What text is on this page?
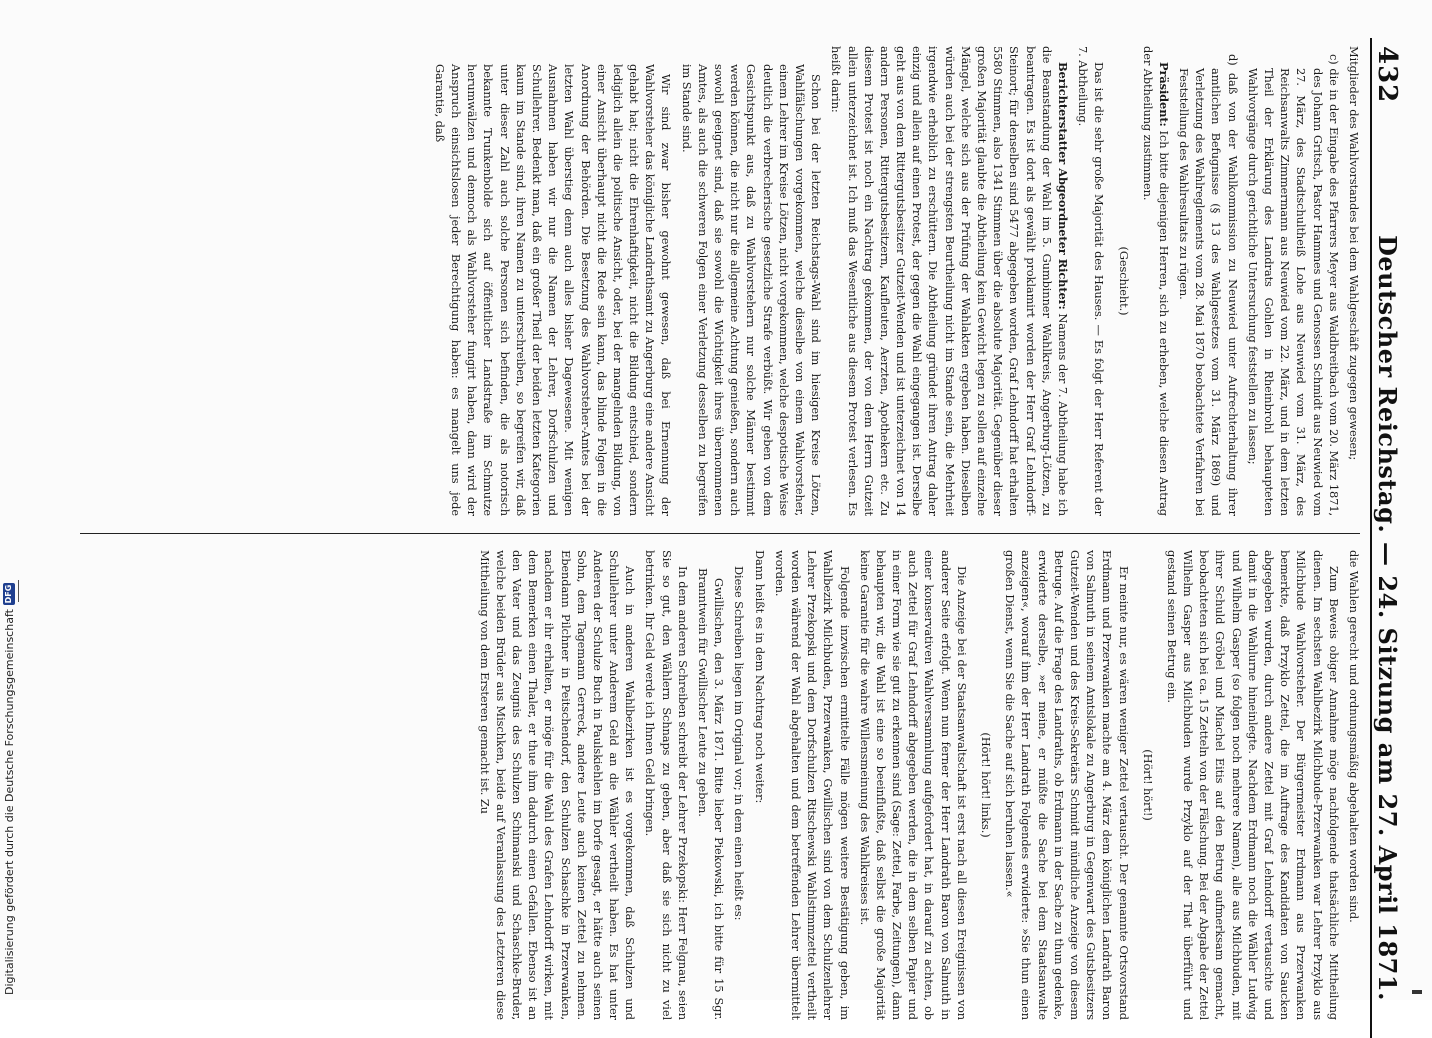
432
Deutscher Reichstag. — 24. Sitzung am 27. April 1871.

Mitglieder des Wahlvorstandes bei dem Wahlgeschäft zugegen gewesen;

c) die in der Eingabe des Pfarrers Meyer aus Waldbreitbach vom 20. März 1871, des Johann Gritsch, Pastor Hammes und Genossen Schmidt aus Neuwied vom 27. März, des Stadtschultheiß Lohe aus Neuwied vom 31. März, des Reichsanwalts Zimmermann aus Neuwied vom 22. März, und in dem letzten Theil der Erklärung des Landrats Gohlen in Rheinbrohl behaupteten Wahlvorgänge durch gerichtliche Untersuchung feststellen zu lassen;

d) daß von der Wahlkommission zu Neuwied unter Aufrechterhaltung ihrer amtlichen Befugnisse (§ 13 des Wahlgesetzes vom 31. März 1869) und Verletzung des Wahlreglements vom 28. Mai 1870 beobachtete Verfahren bei Feststellung des Wahlresultats zu rügen.

Präsident: Ich bitte diejenigen Herren, sich zu erheben, welche diesen Antrag der Abtheilung zustimmen.

(Geschieht.)

Das ist die sehr große Majorität des Hauses. — Es folgt der Herr Referent der 7. Abtheilung.

Berichterstatter Abgeordneter Richter: Namens der 7. Abtheilung habe ich die Beanstandung der Wahl im 5. Gumbinner Wahlkreis, Angerburg-Lötzen, zu beantragen. Es ist dort als gewählt proklamirt worden der Herr Graf Lehndorff-Steinort; für denselben sind 5477 abgegeben worden, Graf Lehndorff hat erhalten 5580 Stimmen, also 1341 Stimmen über die absolute Majorität. Gegenüber dieser großen Majorität glaubte die Abtheilung kein Gewicht legen zu sollen auf einzelne Mängel, welche sich aus der Prüfung der Wahlakten ergeben haben. Dieselben würden auch bei der strengsten Beurtheilung nicht im Stande sein, die Mehrheit irgendwie erheblich zu erschüttern. Die Abtheilung gründet ihren Antrag daher einzig und allein auf einen Protest, der gegen die Wahl eingegangen ist. Derselbe geht aus von dem Rittergutsbesitzer Gutzeit-Wenden und ist unterzeichnet von 14 andern Personen, Rittergutsbesitzern, Kaufleuten, Aerzten, Apothekern etc. Zu diesem Protest ist noch ein Nachtrag gekommen, der von dem Herrn Gutzeit allein unterzeichnet ist. Ich muß das Wesentliche aus diesem Protest verlesen. Es heißt darin:

Schon bei der letzten Reichstags-Wahl sind im hiesigen Kreise Lötzen, Wahlfälschungen vorgekommen, welche dieselbe von einem Wahlvorsteher, einem Lehrer im Kreise Lötzen, nicht vorgekommen, welche despotische Weise deutlich die verbrecherische gesetzliche Strafe verbüßt. Wir geben von dem Gesichtspunkt aus, daß zu Wahlvorstehern nur solche Männer bestimmt werden können, die nicht nur die allgemeine Achtung genießen, sondern auch sowohl geeignet sind, daß sie sowohl die Wichtigkeit ihres übernommenen Amtes, als auch die schweren Folgen einer Verletzung desselben zu begreifen im Stande sind.

Wir sind zwar bisher gewohnt gewesen, daß bei Ernennung der Wahlvorsteher das königliche Landrathsamt zu Angerburg eine andere Ansicht gehabt hat; nicht die Ehrenhaftigkeit, nicht die Bildung entschied, sondern lediglich allein die politische Ansicht, oder, bei der mangelnden Bildung, von einer Ansicht überhaupt nicht die Rede sein kann, das blinde Folgen in die Anordnung der Behörden. Die Besetzung des Wahlvorsteher-Amtes bei der letzten Wahl überstieg denn auch alles bisher Dagewesene. Mit wenigen Ausnahmen haben wir nur die Namen der Lehrer, Dorfschulzen und Schullehrer. Bedenkt man, daß ein großer Theil der beiden letzten Kategorien kaum im Stande sind, ihren Namen zu unterschreiben, so begreifen wir, daß unter dieser Zahl auch solche Personen sich befinden, die als notorisch bekannte Trunkenbolde sich auf öffentlicher Landstraße im Schmutze herumwälzen und dennoch als Wahlvorsteher fungirt haben, dann wird der Anspruch einsichtslosen jeder Berechtigung haben: es mangelt uns jede Garantie, daß

die Wahlen gerecht und ordnungsmäßig abgehalten worden sind.

Zum Beweis obiger Annahme möge nachfolgende thatsächliche Mittheilung dienen. Im sechsten Wahlbezirk Milchbude-Przerwanken war Lehrer Przyklo aus Milchbude Wahlvorsteher. Der Bürgermeister Erdmann aus Przerwanken bemerkte, daß Przyklo Zettel, die im Auftrage des Kandidaten von Saucken abgegeben wurden, durch andere Zettel mit Graf Lehndorff vertauschte und damit in die Wahlurne hineinlegte. Nachdem Erdmann noch die Wähler Ludwig und Wilhelm Gasper (so folgen noch mehrere Namen), alle aus Milchbuden, mit ihrer Schuld Gröbel und Miachel Eitis auf den Betrug aufmerksam gemacht, beobachteten sich bei ca. 15 Zetteln von der Fälschung. Bei der Abgabe der Zettel Wilhelm Gasper aus Milchbuden wurde Przyklo auf der That überführt und gestand seinen Betrug ein.

(Hört! hört!)

Er meinte nur, es wären weniger Zettel vertauscht. Der genannte Ortsvorstand Erdmann und Przerwanken machte am 4. März dem königlichen Landrath Baron von Salmuth in seinem Amtslokale zu Angerburg in Gegenwart des Gutsbesitzers Gutzeit-Wenden und des Kreis-Sekretärs Schmidt mündliche Anzeige von diesem Betruge. Auf die Frage des Landraths, ob Erdmann in der Sache zu thun gedenke, erwiderte derselbe, »er meine, er müßte die Sache bei dem Staatsanwalte anzeigen«, worauf ihm der Herr Landrath Folgendes erwiderte: »Sie thun einen großen Dienst, wenn Sie die Sache auf sich beruhen lassen.«

(Hört! hört! links.)

Die Anzeige bei der Staatsanwaltschaft ist erst nach all diesen Ereignissen von anderer Seite erfolgt. Wenn nun ferner der Herr Landrath Baron von Salmuth in einer konservativen Wahlversammlung aufgefordert hat, in darauf zu achten, ob auch Zettel für Graf Lehndorff abgegeben werden, die in dem selben Papier und in einer Form wie sie gut zu erkennen sind (Sage: Zettel, Farbe, Zeitungen), dann behaupten wir, die Wahl ist eine so beeinflußte, daß selbst die große Majorität keine Garantie für die wahre Willensmeinung des Wahlkreises ist.

Folgende inzwischen ermittelte Fälle mögen weitere Bestätigung geben, im Wahlbezirk Milchbuden, Przerwanken, Gwillischen sind von dem Schulzenlehrer Lehrer Przekopski und dem Dorfschulzen Ritschewski Wahlstimmzettel vertheilt worden während der Wahl abgehalten und dem betreffenden Lehrer übermittelt worden.

Dann heißt es in dem Nachtrag noch weiter:

Diese Schreiben liegen im Original vor; in dem einen heißt es:

Gwillischen, den 3. März 1871. Bitte lieber Piekowski, ich bitte für 15 Sgr. Branntwein für Gwillischer Leute zu geben.

In dem anderen Schreiben schreibt der Lehrer Przekopski: Herr Felgnau, seien Sie so gut, den Wählern Schnaps zu geben, aber daß sie sich nicht zu viel betrinken. Ihr Geld werde ich Ihnen Geld bringen.

Auch in anderen Wahlbezirken ist es vorgekommen, daß Schulzen und Schullehrer unter Anderem Geld an die Wähler vertheilt haben. Es hat unter Anderen der Schulze Buch in Paulskiehlen im Dorfe gesagt, er hätte auch seinen Sohn, dem Tagemann Gerreck, andere Leute auch keinen Zettel zu nehmen. Ebendann Pilchner in Peitschendorf, den Schulzen Schaschke in Przerwanken, nachdem er ihr erhalten, er möge für die Wahl des Grafen Lehndorff wirken, mit dem Bemerken einen Thaler, er thue ihm dadurch einen Gefallen. Ebenso ist an den Vater und das Zeugnis des Schulzen Schimanski und Schaschke-Bruder, welche beiden Brüder aus Mischken, beide auf Veranlassung des Letzteren diese Mittheilung von dem Ersteren gemacht ist. Zu

Digitalisierung gefördert durch die Deutsche Forschungsgemeinschaft
DFG
